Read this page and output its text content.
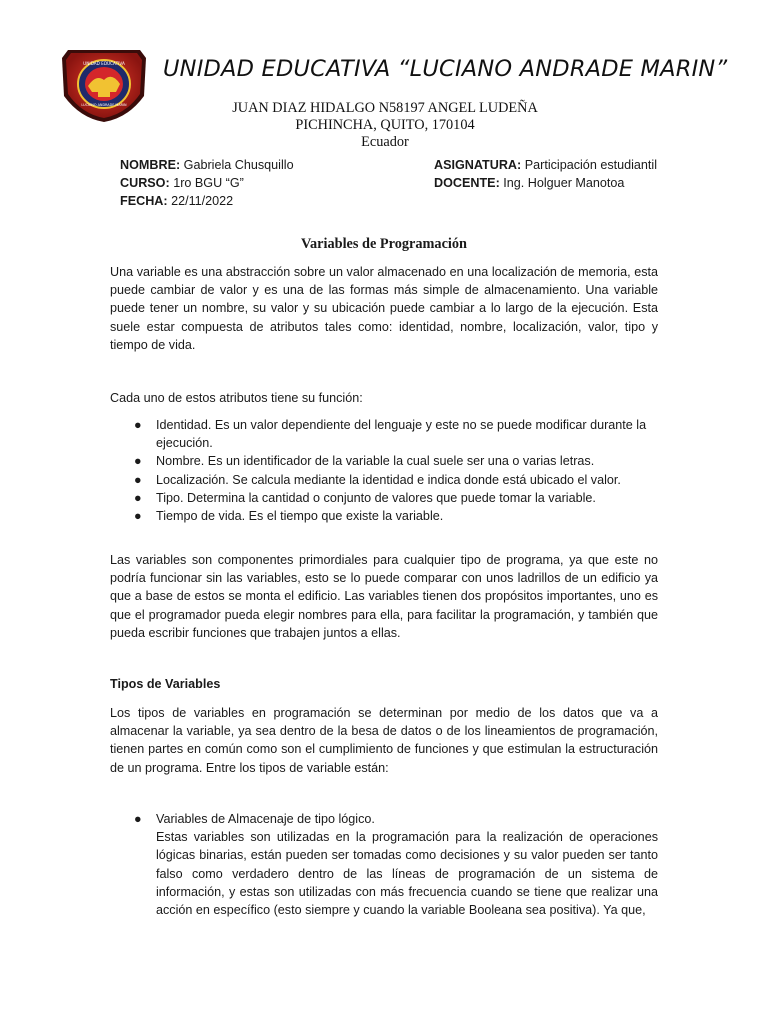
UNIDAD EDUCATIVA
LUCIANO ANDRADE MARIN
UNIDAD EDUCATIVA “LUCIANO ANDRADE MARIN”
JUAN DIAZ HIDALGO N58197 ANGEL LUDEÑA
PICHINCHA, QUITO, 170104
Ecuador
NOMBRE: Gabriela Chusquillo
CURSO: 1ro BGU “G”
FECHA: 22/11/2022
ASIGNATURA: Participación estudiantil
DOCENTE: Ing. Holguer Manotoa
Variables de Programación
Una variable es una abstracción sobre un valor almacenado en una localización de memoria, esta puede cambiar de valor y es una de las formas más simple de almacenamiento. Una variable puede tener un nombre, su valor y su ubicación puede cambiar a lo largo de la ejecución. Esta suele estar compuesta de atributos tales como: identidad, nombre, localización, valor, tipo y tiempo de vida.
Cada uno de estos atributos tiene su función:
● Identidad. Es un valor dependiente del lenguaje y este no se puede modificar durante la ejecución.
● Nombre. Es un identificador de la variable la cual suele ser una o varias letras.
● Localización. Se calcula mediante la identidad e indica donde está ubicado el valor.
● Tipo. Determina la cantidad o conjunto de valores que puede tomar la variable.
● Tiempo de vida. Es el tiempo que existe la variable.
Las variables son componentes primordiales para cualquier tipo de programa, ya que este no podría funcionar sin las variables, esto se lo puede comparar con unos ladrillos de un edificio ya que a base de estos se monta el edificio. Las variables tienen dos propósitos importantes, uno es que el programador pueda elegir nombres para ella, para facilitar la programación, y también que pueda escribir funciones que trabajen juntos a ellas.
Tipos de Variables
Los tipos de variables en programación se determinan por medio de los datos que va a almacenar la variable, ya sea dentro de la besa de datos o de los lineamientos de programación, tienen partes en común como son el cumplimiento de funciones y que estimulan la estructuración de un programa. Entre los tipos de variable están:
● Variables de Almacenaje de tipo lógico.
Estas variables son utilizadas en la programación para la realización de operaciones lógicas binarias, están pueden ser tomadas como decisiones y su valor pueden ser tanto falso como verdadero dentro de las líneas de programación de un sistema de información, y estas son utilizadas con más frecuencia cuando se tiene que realizar una acción en específico (esto siempre y cuando la variable Booleana sea positiva). Ya que,
